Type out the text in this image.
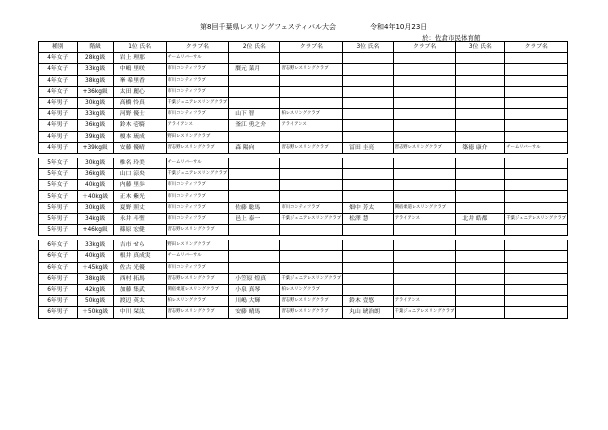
第8回千葉県レスリングフェスティバル大会	令和4年10月23日
於：佐倉市民体育館
種別	階級	1位 氏名	クラブ名	2位 氏名	クラブ名	3位 氏名	クラブ名	3位 氏名	クラブ名
4年女子	28kg級	岩上 理那	チームリバーサル						
4年女子	33kg級	中嶋 里咲	市川コンティフラブ	贋元 菜月	習志野レスリングクラブ				
4年女子	38kg級	峯 希里香	市川コンティフラブ						
4年女子	+36kg級	太田 麗心	市川コンティフラブ						
4年男子	30kg級	高橋 怜真	千葉ジュニアレスリングクラブ						
4年男子	33kg級	河野 優士	市川コンティフラブ	山下 智	柏レスリングクラブ				
4年男子	36kg級	鈴木 壱騎	アライアンス	釜江 勇之介	アライアンス				
4年男子	39kg級	榎本 琉成	野田レスリングクラブ						
4年男子	+39kg級	安藤 優晴	習志野レスリングクラブ	森 陽向	習志野レスリングクラブ	冨田 圭亮	習志野レスリングクラブ	築徳 康介	チームリバーサル

5年女子	30kg級	椎名 玲美	チームリバーサル						
5年女子	36kg級	山口 涼央	千葉ジュニアレスリングクラブ						
5年女子	40kg級	内藤 里歩	市川コンティフラブ						
5年女子	＋40kg級	正木 紫光	市川コンティフラブ						
5年男子	30kg級	夏野 照丈	市川コンティフラブ	佐藤 聡馬	市川コンティフラブ	畑中 芳太	関宿柔道レスリングクラブ		
5年男子	34kg級	永井 斗聖	市川コンティフラブ	邑上 泰一	千葉ジュニアレスリングクラブ	松澤 慧	アライアンス	北井 皓都	千葉ジュニアレスリングクラブ
5年男子	+46kg級	篠原 宏健	習志野レスリングクラブ						

6年女子	33kg級	吉市 せら	野田レスリングクラブ						
6年女子	40kg級	根井 真成実	チームリバーサル						
6年女子	＋45kg級	佐古 光優	市川コンティフラブ						
6年男子	38kg級	西村 拓馬	習志野レスリングクラブ	小笠原 煌真	千葉ジュニアレスリングクラブ				
6年男子	42kg級	加藤 集武	関宿柔道レスリングクラブ	小泉 真琴	柏レスリングクラブ				
6年男子	50kg級	渡辺 英太	柏レスリングクラブ	川嶋 大輝	習志野レスリングクラブ	鈴木 壹悠	アライアンス		
6年男子	＋50kg級	中川 栞汰	習志野レスリングクラブ	安藤 晴馬	習志野レスリングクラブ	丸山 琥治朗	千葉ジュニアレスリングクラブ		
